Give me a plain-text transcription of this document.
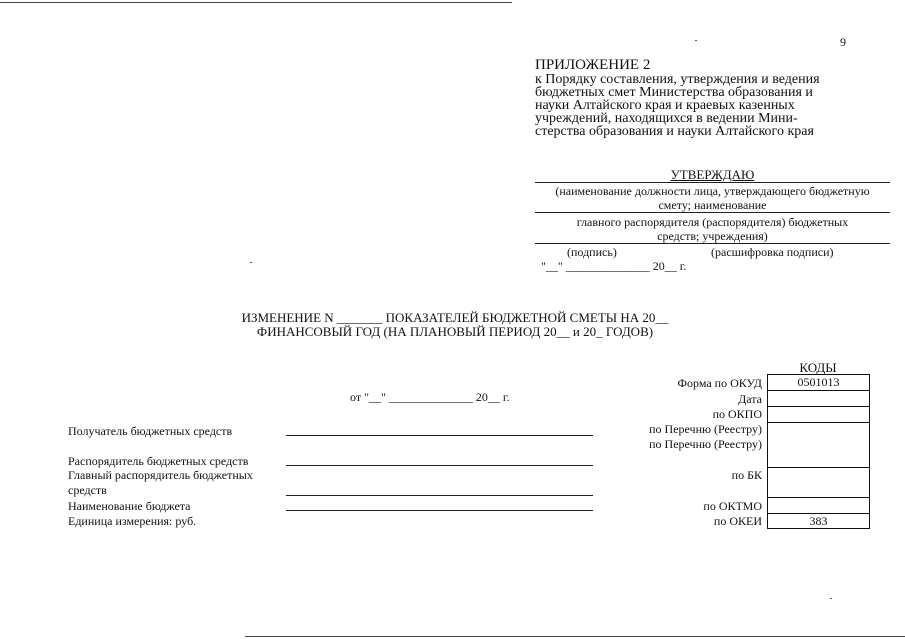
9
ПРИЛОЖЕНИЕ 2
к Порядку составления, утверждения и ведения
бюджетных смет Министерства образования и
науки Алтайского края и краевых казенных
учреждений, находящихся в ведении Мини-
стерства образования и науки Алтайского края
УТВЕРЖДАЮ
(наименование должности лица, утверждающего бюджетную
смету; наименование
главного распорядителя (распорядителя) бюджетных
средств; учреждения)
(подпись)	(расшифровка подписи)
"__" ______________ 20__ г.
ИЗМЕНЕНИЕ N _______ ПОКАЗАТЕЛЕЙ БЮДЖЕТНОЙ СМЕТЫ НА 20__
ФИНАНСОВЫЙ ГОД (НА ПЛАНОВЫЙ ПЕРИОД 20__ и 20_ ГОДОВ)
КОДЫ
0501013
383
Форма по ОКУД
Дата
по ОКПО
по Перечню (Реестру)
по Перечню (Реестру)
по БК
по ОКТМО
по ОКЕИ
от "__" ______________ 20__ г.
Получатель бюджетных средств
Распорядитель бюджетных средств
Главный распорядитель бюджетных
средств
Наименование бюджета
Единица измерения: руб.
